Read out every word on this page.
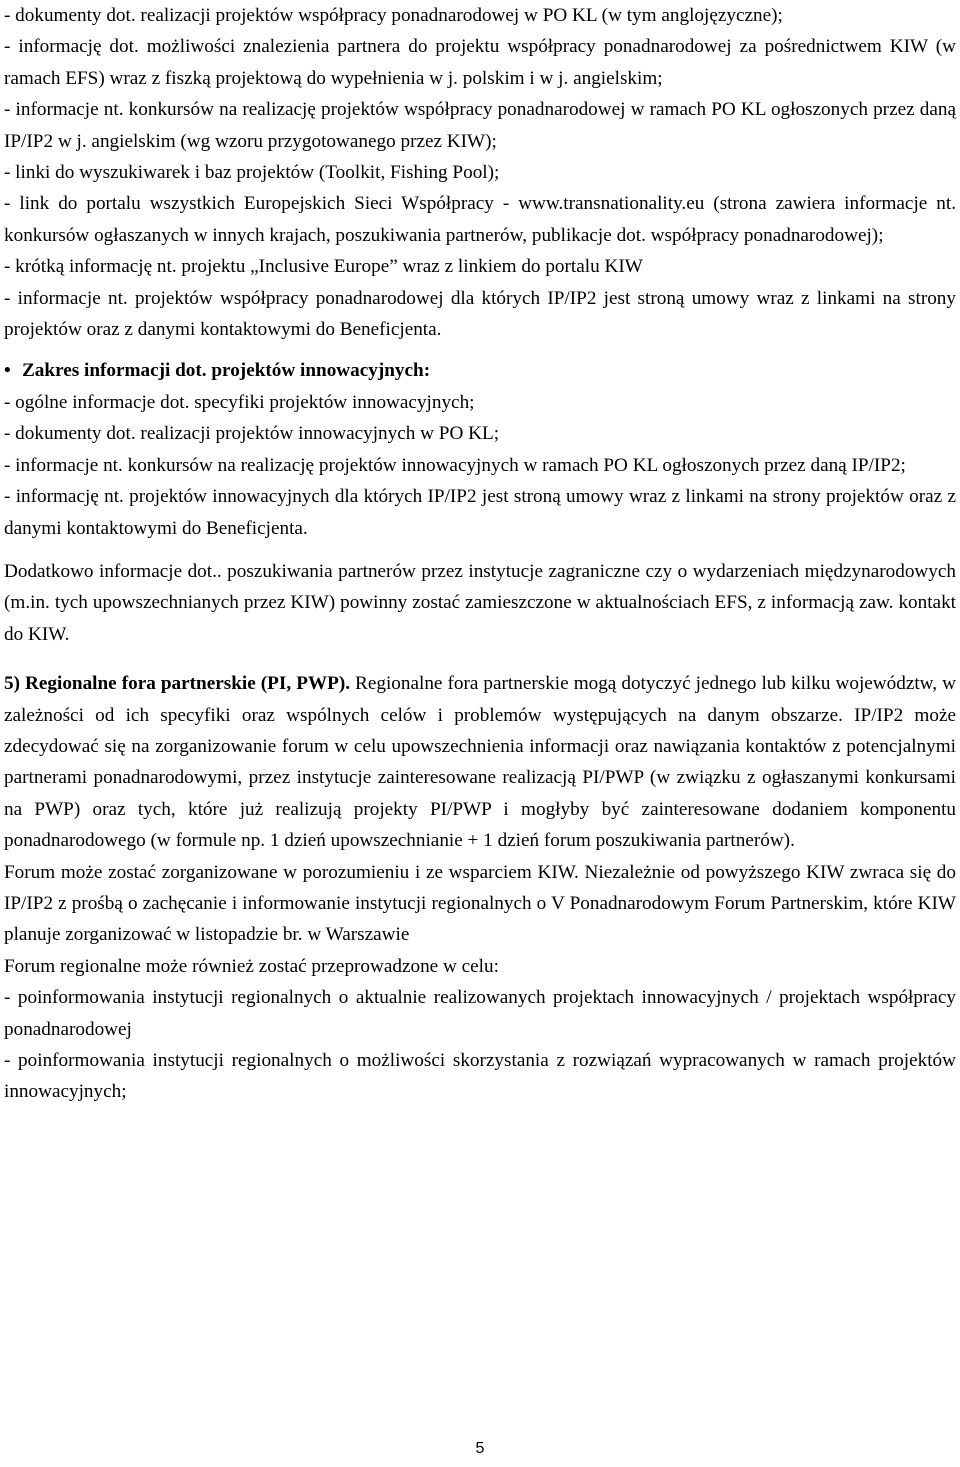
- dokumenty dot. realizacji projektów współpracy ponadnarodowej w PO KL (w tym anglojęzyczne);

- informację dot. możliwości znalezienia partnera do projektu współpracy ponadnarodowej za pośrednictwem KIW (w ramach EFS) wraz z fiszką projektową do wypełnienia w j. polskim i w j. angielskim;

- informacje nt. konkursów na realizację projektów współpracy ponadnarodowej w ramach PO KL ogłoszonych przez daną IP/IP2 w j. angielskim (wg wzoru przygotowanego przez KIW);

- linki do wyszukiwarek i baz projektów (Toolkit, Fishing Pool);

- link do portalu wszystkich Europejskich Sieci Współpracy - www.transnationality.eu (strona zawiera informacje nt. konkursów ogłaszanych w innych krajach, poszukiwania partnerów, publikacje dot. współpracy ponadnarodowej);

- krótką informację nt. projektu „Inclusive Europe” wraz z linkiem do portalu KIW

- informacje nt. projektów współpracy ponadnarodowej dla których IP/IP2 jest stroną umowy wraz z linkami na strony projektów oraz z danymi kontaktowymi do Beneficjenta.

• Zakres informacji dot. projektów innowacyjnych:

- ogólne informacje dot. specyfiki projektów innowacyjnych;

- dokumenty dot. realizacji projektów innowacyjnych w PO KL;

- informacje nt. konkursów na realizację projektów innowacyjnych w ramach PO KL ogłoszonych przez daną IP/IP2;

- informację nt. projektów innowacyjnych dla których IP/IP2 jest stroną umowy wraz z linkami na strony projektów oraz z danymi kontaktowymi do Beneficjenta.

Dodatkowo informacje dot.. poszukiwania partnerów przez instytucje zagraniczne czy o wydarzeniach międzynarodowych (m.in. tych upowszechnianych przez KIW) powinny zostać zamieszczone w aktualnościach EFS, z informacją zaw. kontakt do KIW.

5) Regionalne fora partnerskie (PI, PWP). Regionalne fora partnerskie mogą dotyczyć jednego lub kilku województw, w zależności od ich specyfiki oraz wspólnych celów i problemów występujących na danym obszarze. IP/IP2 może zdecydować się na zorganizowanie forum w celu upowszechnienia informacji oraz nawiązania kontaktów z potencjalnymi partnerami ponadnarodowymi, przez instytucje zainteresowane realizacją PI/PWP (w związku z ogłaszanymi konkursami na PWP) oraz tych, które już realizują projekty PI/PWP i mogłyby być zainteresowane dodaniem komponentu ponadnarodowego (w formule np. 1 dzień upowszechnianie + 1 dzień forum poszukiwania partnerów).

Forum może zostać zorganizowane w porozumieniu i ze wsparciem KIW. Niezależnie od powyższego KIW zwraca się do IP/IP2 z prośbą o zachęcanie i informowanie instytucji regionalnych o V Ponadnarodowym Forum Partnerskim, które KIW planuje zorganizować w listopadzie br. w Warszawie

Forum regionalne może również zostać przeprowadzone w celu:

- poinformowania instytucji regionalnych o aktualnie realizowanych projektach innowacyjnych / projektach współpracy ponadnarodowej

- poinformowania instytucji regionalnych o możliwości skorzystania z rozwiązań wypracowanych w ramach projektów innowacyjnych;

5
